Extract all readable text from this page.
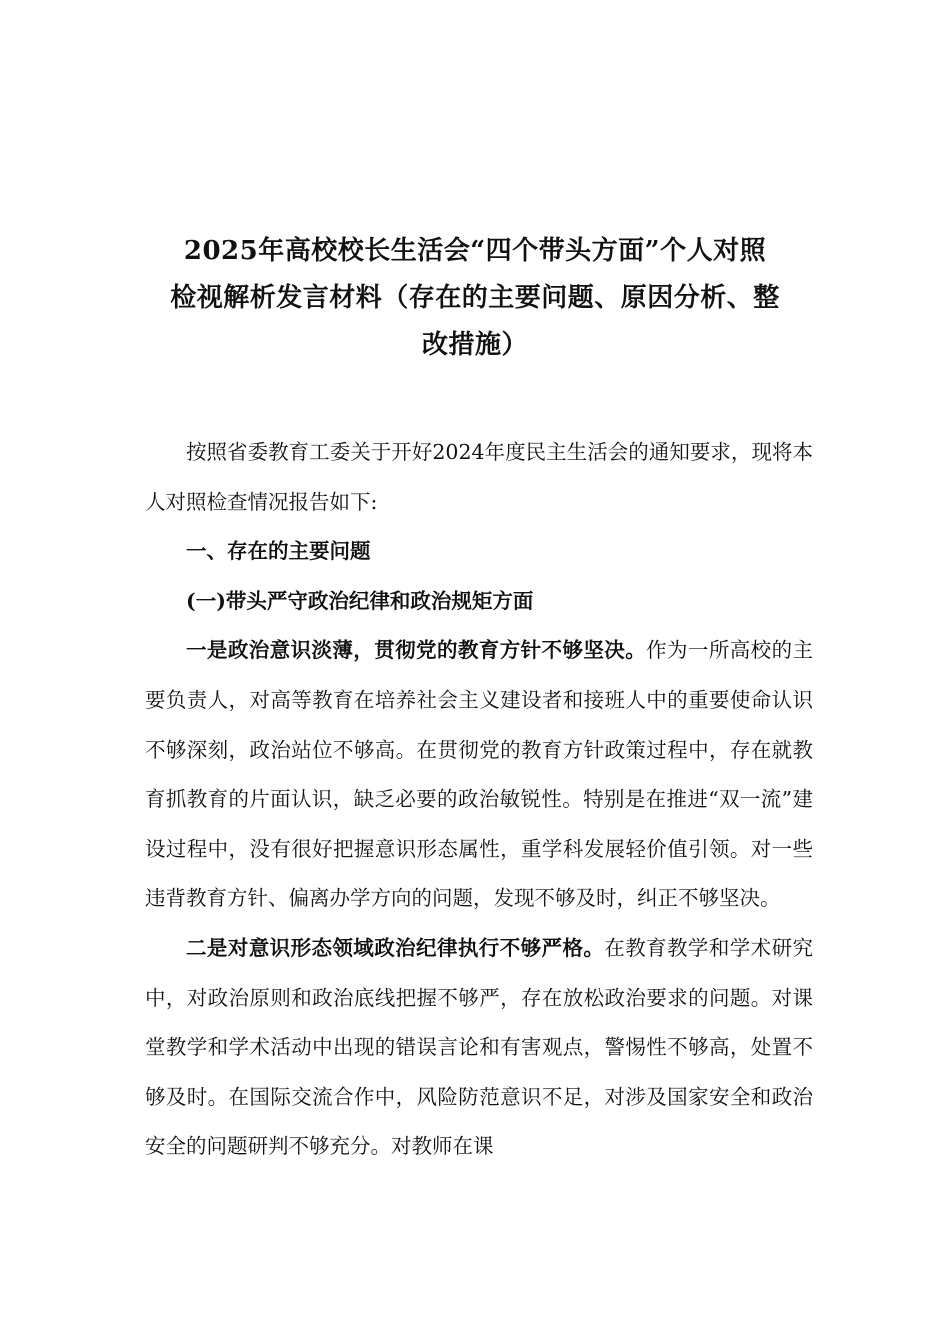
2025年高校校长生活会“四个带头方面”个人对照
检视解析发言材料（存在的主要问题、原因分析、整
改措施）

按照省委教育工委关于开好2024年度民主生活会的通知要求，现将本人对照检查情况报告如下:

一、存在的主要问题

(一)带头严守政治纪律和政治规矩方面

一是政治意识淡薄，贯彻党的教育方针不够坚决。作为一所高校的主要负责人，对高等教育在培养社会主义建设者和接班人中的重要使命认识不够深刻，政治站位不够高。在贯彻党的教育方针政策过程中，存在就教育抓教育的片面认识，缺乏必要的政治敏锐性。特别是在推进“双一流”建设过程中，没有很好把握意识形态属性，重学科发展轻价值引领。对一些违背教育方针、偏离办学方向的问题，发现不够及时，纠正不够坚决。

二是对意识形态领域政治纪律执行不够严格。在教育教学和学术研究中，对政治原则和政治底线把握不够严，存在放松政治要求的问题。对课堂教学和学术活动中出现的错误言论和有害观点，警惕性不够高，处置不够及时。在国际交流合作中，风险防范意识不足，对涉及国家安全和政治安全的问题研判不够充分。对教师在课
